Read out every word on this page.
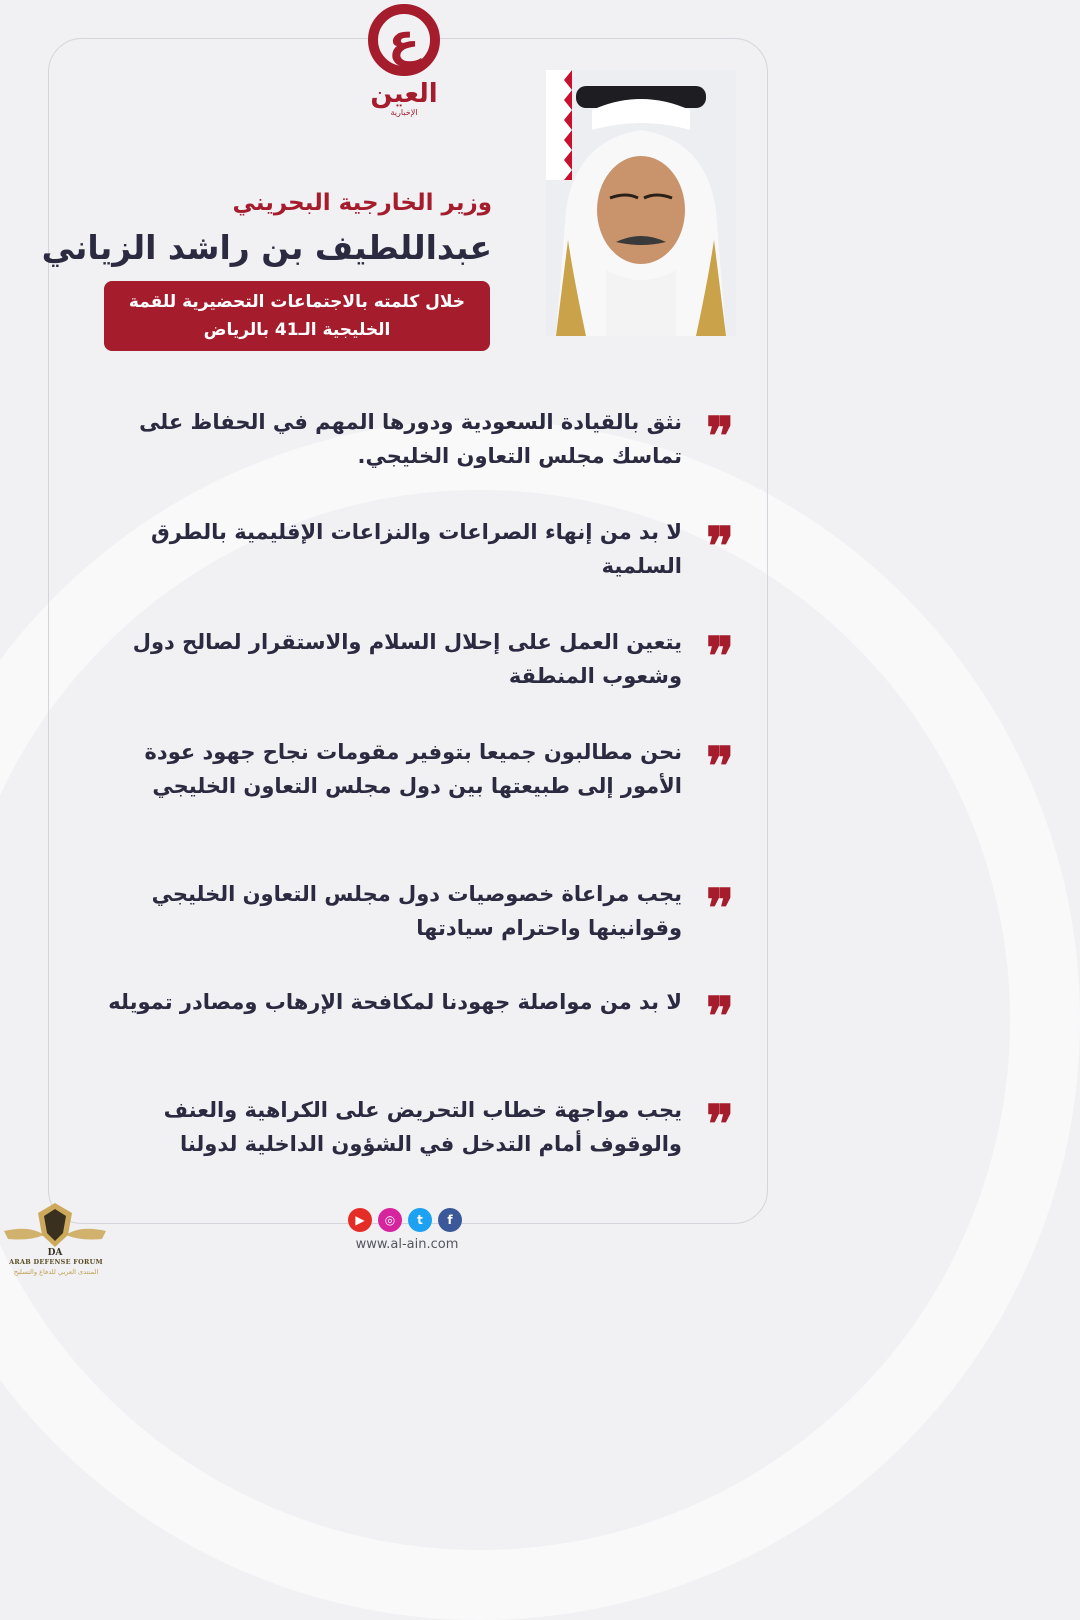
ع
العين
الإخبارية
وزير الخارجية البحريني
عبداللطيف بن راشد الزياني
خلال كلمته بالاجتماعات التحضيرية للقمة
الخليجية الـ41 بالرياض
❞
نثق بالقيادة السعودية ودورها المهم في الحفاظ على تماسك مجلس التعاون الخليجي.
❞
لا بد من إنهاء الصراعات والنزاعات الإقليمية بالطرق السلمية
❞
يتعين العمل على إحلال السلام والاستقرار لصالح دول وشعوب المنطقة
❞
نحن مطالبون جميعا بتوفير مقومات نجاح جهود عودة الأمور إلى طبيعتها بين دول مجلس التعاون الخليجي
❞
يجب مراعاة خصوصيات دول مجلس التعاون الخليجي وقوانينها واحترام سيادتها
❞
لا بد من مواصلة جهودنا لمكافحة الإرهاب ومصادر تمويله
❞
يجب مواجهة خطاب التحريض على الكراهية والعنف والوقوف أمام التدخل في الشؤون الداخلية لدولنا
▶	◎	t	f
www.al-ain.com
DA
ARAB DEFENSE FORUM
المنتدى العربي للدفاع والتسليح
